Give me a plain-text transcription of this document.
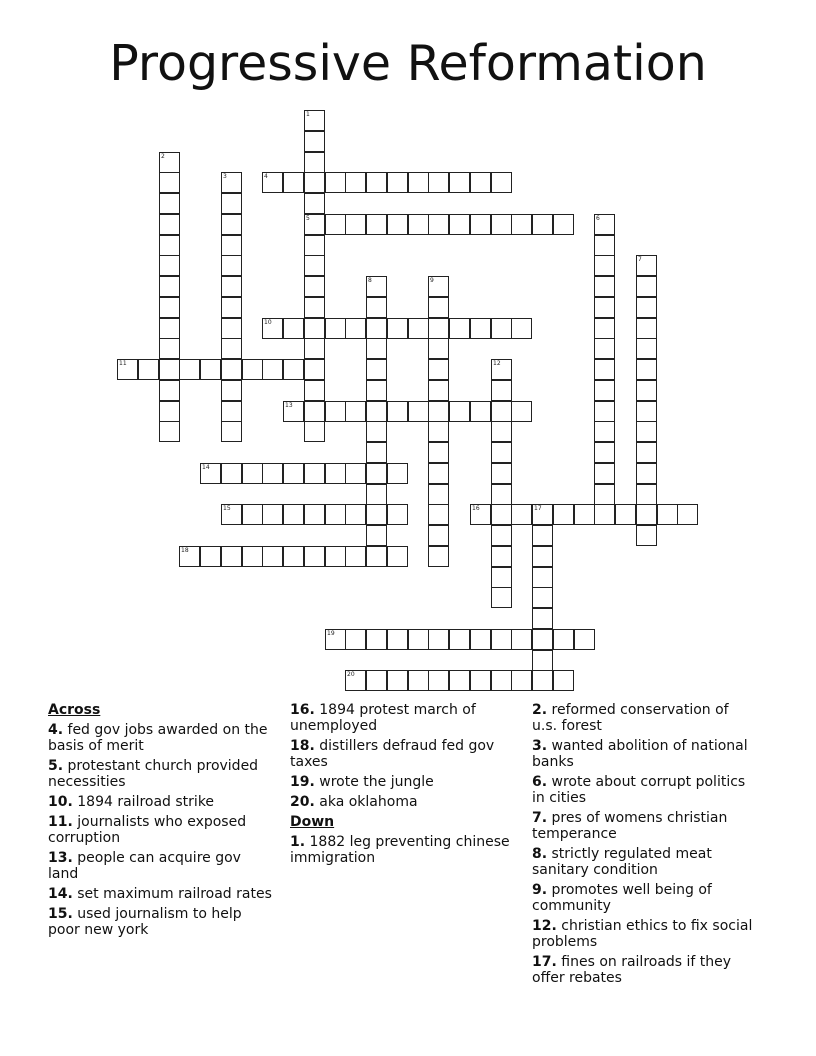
Progressive Reformation
4
5
10
11
13
14
15	16	17
18
19
20
1
2
3
6
7
8	9
12
Across
4. fed gov jobs awarded on the basis of merit
5. protestant church provided necessities
10. 1894 railroad strike
11. journalists who exposed corruption
13. people can acquire gov land
14. set maximum railroad rates
15. used journalism to help poor new york
16. 1894 protest march of unemployed
18. distillers defraud fed gov taxes
19. wrote the jungle
20. aka oklahoma
Down
1. 1882 leg preventing chinese immigration
2. reformed conservation of u.s. forest
3. wanted abolition of national banks
6. wrote about corrupt politics in cities
7. pres of womens christian temperance
8. strictly regulated meat sanitary condition
9. promotes well being of community
12. christian ethics to fix social problems
17. fines on railroads if they offer rebates
